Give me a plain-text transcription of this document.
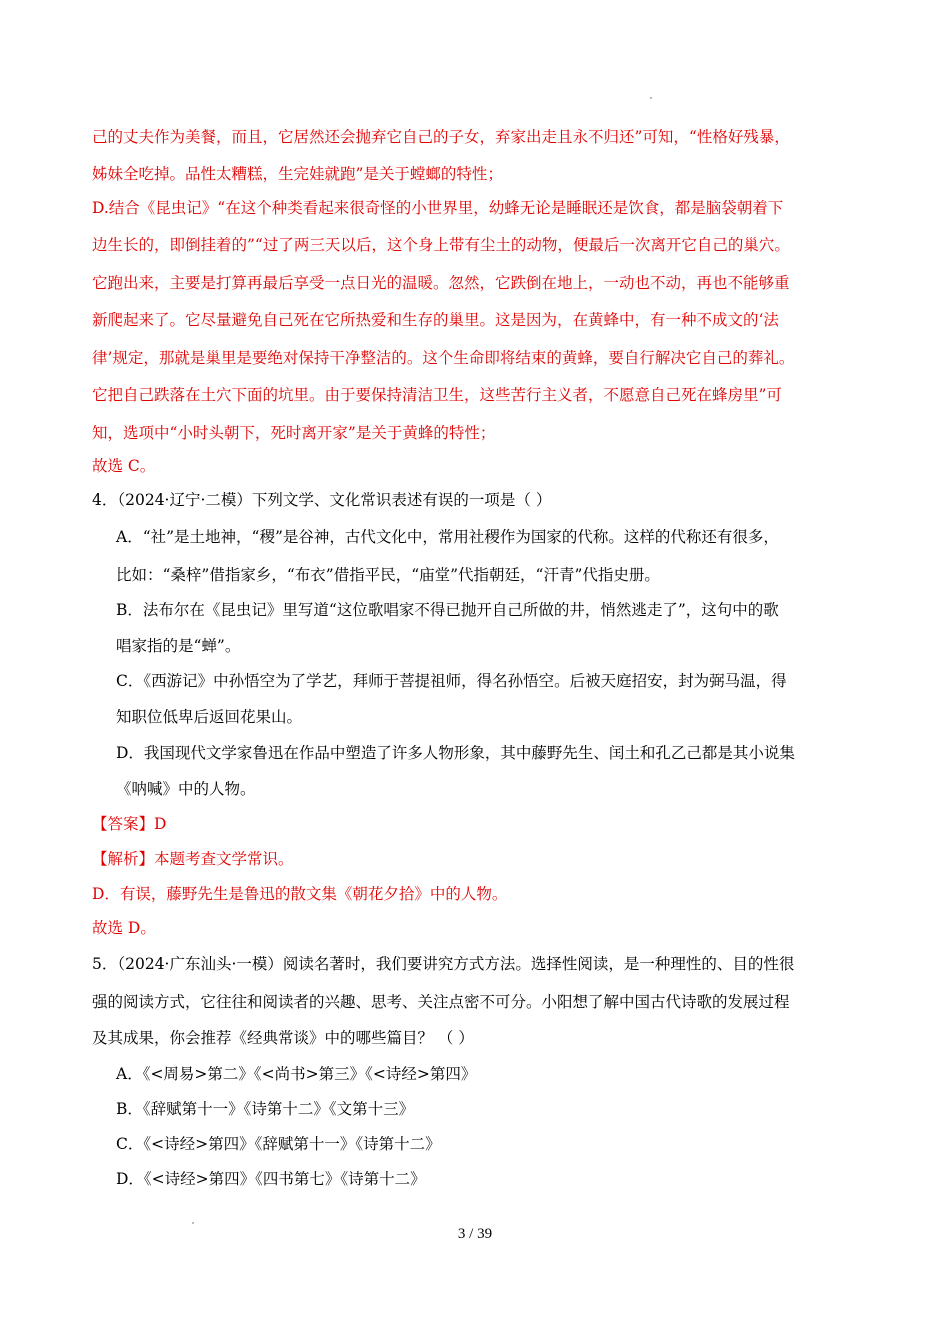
己的丈夫作为美餐，而且，它居然还会抛弃它自己的子女，弃家出走且永不归还”可知，“性格好残暴，
姊妹全吃掉。品性太糟糕，生完娃就跑”是关于螳螂的特性；
D.结合《昆虫记》“在这个种类看起来很奇怪的小世界里，幼蜂无论是睡眠还是饮食，都是脑袋朝着下
边生长的，即倒挂着的”“过了两三天以后，这个身上带有尘土的动物，便最后一次离开它自己的巢穴。
它跑出来，主要是打算再最后享受一点日光的温暖。忽然，它跌倒在地上，一动也不动，再也不能够重
新爬起来了。它尽量避免自己死在它所热爱和生存的巢里。这是因为，在黄蜂中，有一种不成文的‘法
律’规定，那就是巢里是要绝对保持干净整洁的。这个生命即将结束的黄蜂，要自行解决它自己的葬礼。
它把自己跌落在土穴下面的坑里。由于要保持清洁卫生，这些苦行主义者，不愿意自己死在蜂房里”可
知，选项中“小时头朝下，死时离开家”是关于黄蜂的特性；
故选 C。
4．（2024·辽宁·二模）下列文学、文化常识表述有误的一项是（ ）
A．“社”是土地神，“稷”是谷神，古代文化中，常用社稷作为国家的代称。这样的代称还有很多，
比如：“桑梓”借指家乡，“布衣”借指平民，“庙堂”代指朝廷，“汗青”代指史册。
B．法布尔在《昆虫记》里写道“这位歌唱家不得已抛开自己所做的井，悄然逃走了”，这句中的歌
唱家指的是“蝉”。
C．《西游记》中孙悟空为了学艺，拜师于菩提祖师，得名孙悟空。后被天庭招安，封为弼马温，得
知职位低卑后返回花果山。
D．我国现代文学家鲁迅在作品中塑造了许多人物形象，其中藤野先生、闰土和孔乙己都是其小说集
《呐喊》中的人物。
【答案】D
【解析】本题考查文学常识。
D．有误，藤野先生是鲁迅的散文集《朝花夕拾》中的人物。
故选 D。
5．（2024·广东汕头·一模）阅读名著时，我们要讲究方式方法。选择性阅读，是一种理性的、目的性很
强的阅读方式，它往往和阅读者的兴趣、思考、关注点密不可分。小阳想了解中国古代诗歌的发展过程
及其成果，你会推荐《经典常谈》中的哪些篇目？ （ ）
A．《<周易>第二》《<尚书>第三》《<诗经>第四》
B．《辞赋第十一》《诗第十二》《文第十三》
C．《<诗经>第四》《辞赋第十一》《诗第十二》
D．《<诗经>第四》《四书第七》《诗第十二》
3 / 39
